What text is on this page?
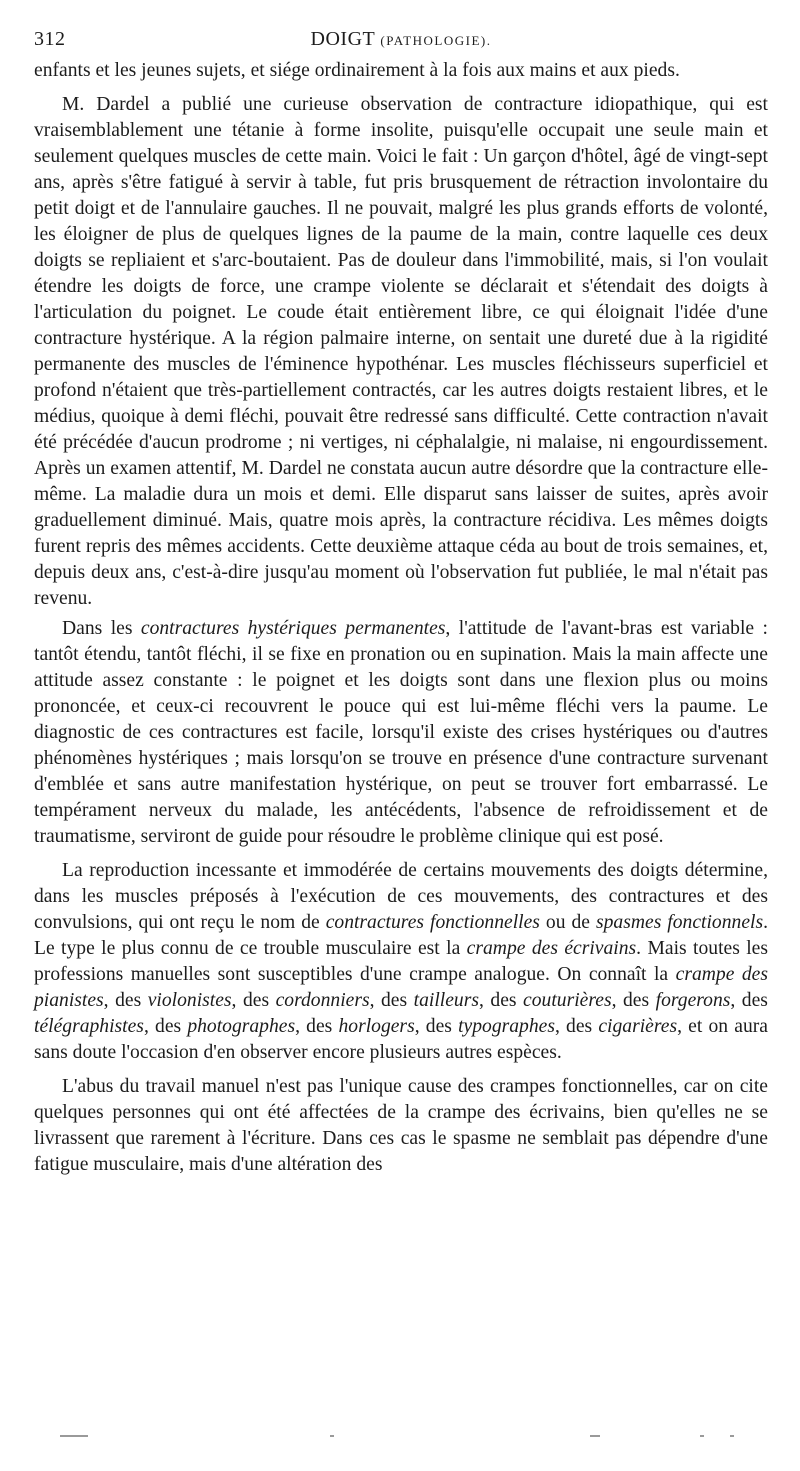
312	DOIGT (PATHOLOGIE).

enfants et les jeunes sujets, et siége ordinairement à la fois aux mains et aux pieds.

M. Dardel a publié une curieuse observation de contracture idiopathique, qui est vraisemblablement une tétanie à forme insolite, puisqu'elle occupait une seule main et seulement quelques muscles de cette main. Voici le fait : Un garçon d'hôtel, âgé de vingt-sept ans, après s'être fatigué à servir à table, fut pris brusquement de rétraction involontaire du petit doigt et de l'annulaire gauches. Il ne pouvait, malgré les plus grands efforts de volonté, les éloigner de plus de quelques lignes de la paume de la main, contre laquelle ces deux doigts se repliaient et s'arc-boutaient. Pas de douleur dans l'immobilité, mais, si l'on voulait étendre les doigts de force, une crampe violente se déclarait et s'étendait des doigts à l'articulation du poignet. Le coude était entièrement libre, ce qui éloignait l'idée d'une contracture hystérique. A la région palmaire interne, on sentait une dureté due à la rigidité permanente des muscles de l'éminence hypothénar. Les muscles fléchisseurs superficiel et profond n'étaient que très-partiellement contractés, car les autres doigts restaient libres, et le médius, quoique à demi fléchi, pouvait être redressé sans difficulté. Cette contraction n'avait été précédée d'aucun prodrome ; ni vertiges, ni céphalalgie, ni malaise, ni engourdissement. Après un examen attentif, M. Dardel ne constata aucun autre désordre que la contracture elle-même. La maladie dura un mois et demi. Elle disparut sans laisser de suites, après avoir graduellement diminué. Mais, quatre mois après, la contracture récidiva. Les mêmes doigts furent repris des mêmes accidents. Cette deuxième attaque céda au bout de trois semaines, et, depuis deux ans, c'est-à-dire jusqu'au moment où l'observation fut publiée, le mal n'était pas revenu.

Dans les contractures hystériques permanentes, l'attitude de l'avant-bras est variable : tantôt étendu, tantôt fléchi, il se fixe en pronation ou en supination. Mais la main affecte une attitude assez constante : le poignet et les doigts sont dans une flexion plus ou moins prononcée, et ceux-ci recouvrent le pouce qui est lui-même fléchi vers la paume. Le diagnostic de ces contractures est facile, lorsqu'il existe des crises hystériques ou d'autres phénomènes hystériques ; mais lorsqu'on se trouve en présence d'une contracture survenant d'emblée et sans autre manifestation hystérique, on peut se trouver fort embarrassé. Le tempérament nerveux du malade, les antécédents, l'absence de refroidissement et de traumatisme, serviront de guide pour résoudre le problème clinique qui est posé.

La reproduction incessante et immodérée de certains mouvements des doigts détermine, dans les muscles préposés à l'exécution de ces mouvements, des contractures et des convulsions, qui ont reçu le nom de contractures fonctionnelles ou de spasmes fonctionnels. Le type le plus connu de ce trouble musculaire est la crampe des écrivains. Mais toutes les professions manuelles sont susceptibles d'une crampe analogue. On connaît la crampe des pianistes, des violonistes, des cordonniers, des tailleurs, des couturières, des forgerons, des télégraphistes, des photographes, des horlogers, des typographes, des cigarières, et on aura sans doute l'occasion d'en observer encore plusieurs autres espèces.

L'abus du travail manuel n'est pas l'unique cause des crampes fonctionnelles, car on cite quelques personnes qui ont été affectées de la crampe des écrivains, bien qu'elles ne se livrassent que rarement à l'écriture. Dans ces cas le spasme ne semblait pas dépendre d'une fatigue musculaire, mais d'une altération des
